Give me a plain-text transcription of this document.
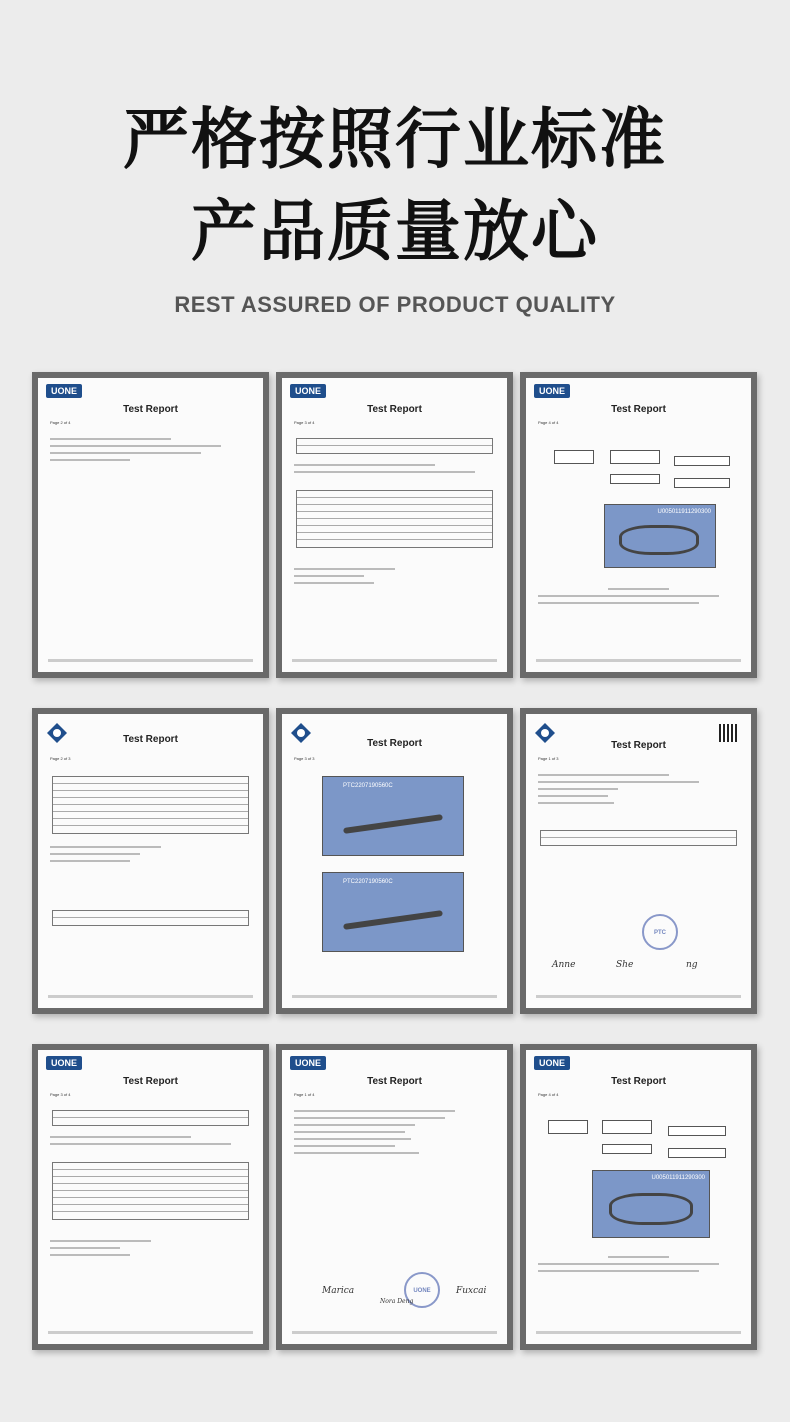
严格按照行业标准
产品质量放心
REST ASSURED OF PRODUCT QUALITY
UONE
Test Report
Page 2 of 4
UONE
Test Report
Page 3 of 4
UONE
Test Report
Page 4 of 4
U005011911290300
Test Report
Page 2 of 3
Test Report
Page 3 of 3
PTC2207190560C
PTC2207190560C
Test Report
Page 1 of 3
PTC
Anne	She	ng
UONE
Test Report
Page 3 of 4
UONE
Test Report
Page 1 of 4
UONE
Marica
Nora Deng
Fuxcai
UONE
Test Report
Page 4 of 4
U005011911290300
